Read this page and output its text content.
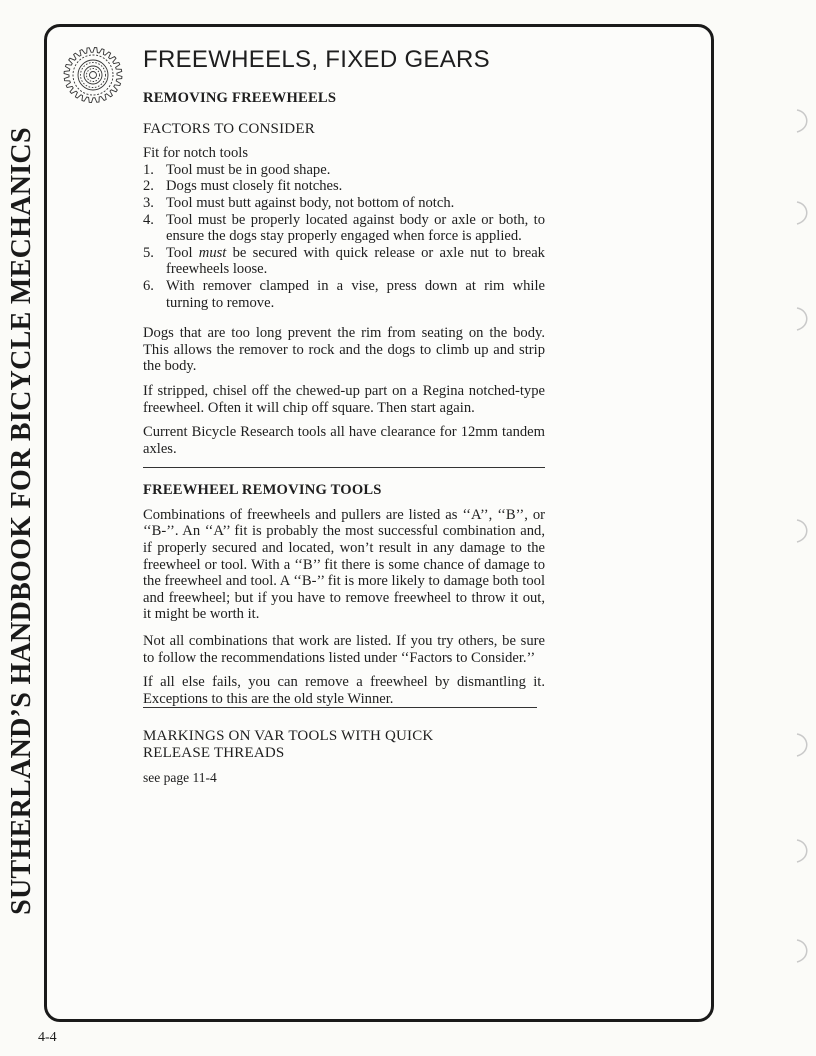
SUTHERLAND’S HANDBOOK FOR BICYCLE MECHANICS
FREEWHEELS, FIXED GEARS
REMOVING FREEWHEELS
FACTORS TO CONSIDER

Fit for notch tools

1. Tool must be in good shape.
2. Dogs must closely fit notches.
3. Tool must butt against body, not bottom of notch.
4. Tool must be properly located against body or axle or both, to ensure the dogs stay properly engaged when force is applied.
5. Tool must be secured with quick release or axle nut to break freewheels loose.
6. With remover clamped in a vise, press down at rim while turning to remove.

Dogs that are too long prevent the rim from seating on the body. This allows the remover to rock and the dogs to climb up and strip the body.

If stripped, chisel off the chewed-up part on a Regina notched-type freewheel. Often it will chip off square. Then start again.

Current Bicycle Research tools all have clearance for 12mm tandem axles.

FREEWHEEL REMOVING TOOLS

Combinations of freewheels and pullers are listed as ‘‘A’’, ‘‘B’’, or ‘‘B-’’. An ‘‘A’’ fit is probably the most successful combination and, if properly secured and located, won’t result in any damage to the freewheel or tool. With a ‘‘B’’ fit there is some chance of damage to the freewheel and tool. A ‘‘B-’’ fit is more likely to damage both tool and freewheel; but if you have to remove freewheel to throw it out, it might be worth it.

Not all combinations that work are listed. If you try others, be sure to follow the recommendations listed under ‘‘Factors to Consider.’’

If all else fails, you can remove a freewheel by dismantling it. Exceptions to this are the old style Winner.

MARKINGS ON VAR TOOLS WITH QUICK RELEASE THREADS

see page 11-4

4-4
